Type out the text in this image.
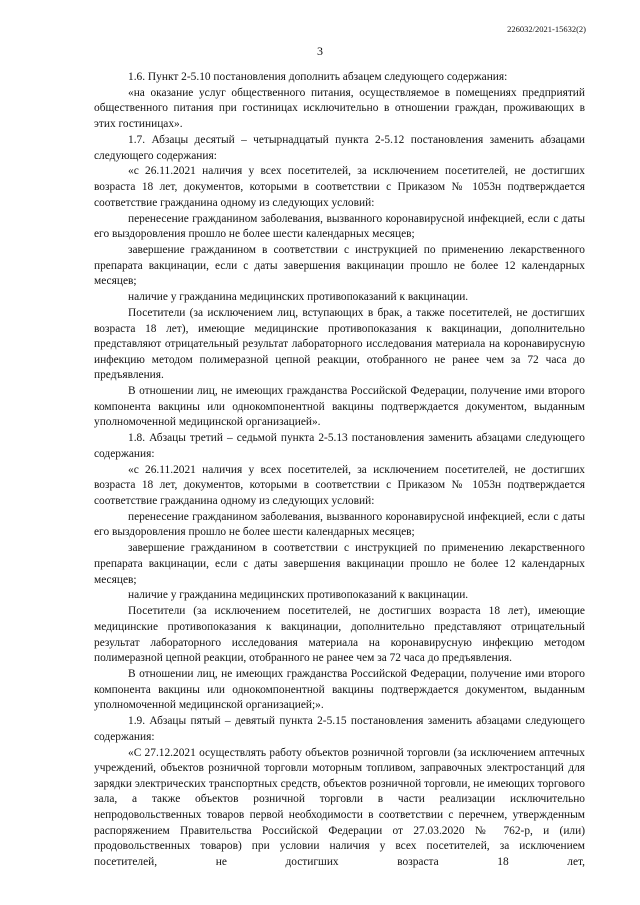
226032/2021-15632(2)
3

1.6. Пункт 2-5.10 постановления дополнить абзацем следующего содержания:

«на оказание услуг общественного питания, осуществляемое в помещениях предприятий общественного питания при гостиницах исключительно в отношении граждан, проживающих в этих гостиницах».

1.7. Абзацы десятый – четырнадцатый пункта 2-5.12 постановления заменить абзацами следующего содержания:

«с 26.11.2021 наличия у всех посетителей, за исключением посетителей, не достигших возраста 18 лет, документов, которыми в соответствии с Приказом № 1053н подтверждается соответствие гражданина одному из следующих условий:

перенесение гражданином заболевания, вызванного коронавирусной инфекцией, если с даты его выздоровления прошло не более шести календарных месяцев;

завершение гражданином в соответствии с инструкцией по применению лекарственного препарата вакцинации, если с даты завершения вакцинации прошло не более 12 календарных месяцев;

наличие у гражданина медицинских противопоказаний к вакцинации.

Посетители (за исключением лиц, вступающих в брак, а также посетителей, не достигших возраста 18 лет), имеющие медицинские противопоказания к вакцинации, дополнительно представляют отрицательный результат лабораторного исследования материала на коронавирусную инфекцию методом полимеразной цепной реакции, отобранного не ранее чем за 72 часа до предъявления.

В отношении лиц, не имеющих гражданства Российской Федерации, получение ими второго компонента вакцины или однокомпонентной вакцины подтверждается документом, выданным уполномоченной медицинской организацией».

1.8. Абзацы третий – седьмой пункта 2-5.13 постановления заменить абзацами следующего содержания:

«с 26.11.2021 наличия у всех посетителей, за исключением посетителей, не достигших возраста 18 лет, документов, которыми в соответствии с Приказом № 1053н подтверждается соответствие гражданина одному из следующих условий:

перенесение гражданином заболевания, вызванного коронавирусной инфекцией, если с даты его выздоровления прошло не более шести календарных месяцев;

завершение гражданином в соответствии с инструкцией по применению лекарственного препарата вакцинации, если с даты завершения вакцинации прошло не более 12 календарных месяцев;

наличие у гражданина медицинских противопоказаний к вакцинации.

Посетители (за исключением посетителей, не достигших возраста 18 лет), имеющие медицинские противопоказания к вакцинации, дополнительно представляют отрицательный результат лабораторного исследования материала на коронавирусную инфекцию методом полимеразной цепной реакции, отобранного не ранее чем за 72 часа до предъявления.

В отношении лиц, не имеющих гражданства Российской Федерации, получение ими второго компонента вакцины или однокомпонентной вакцины подтверждается документом, выданным уполномоченной медицинской организацией;».

1.9. Абзацы пятый – девятый пункта 2-5.15 постановления заменить абзацами следующего содержания:

«С 27.12.2021 осуществлять работу объектов розничной торговли (за исключением аптечных учреждений, объектов розничной торговли моторным топливом, заправочных электростанций для зарядки электрических транспортных средств, объектов розничной торговли, не имеющих торгового зала, а также объектов розничной торговли в части реализации исключительно непродовольственных товаров первой необходимости в соответствии с перечнем, утвержденным распоряжением Правительства Российской Федерации от 27.03.2020 № 762-р, и (или) продовольственных товаров) при условии наличия у всех посетителей, за исключением посетителей, не достигших возраста 18 лет,
